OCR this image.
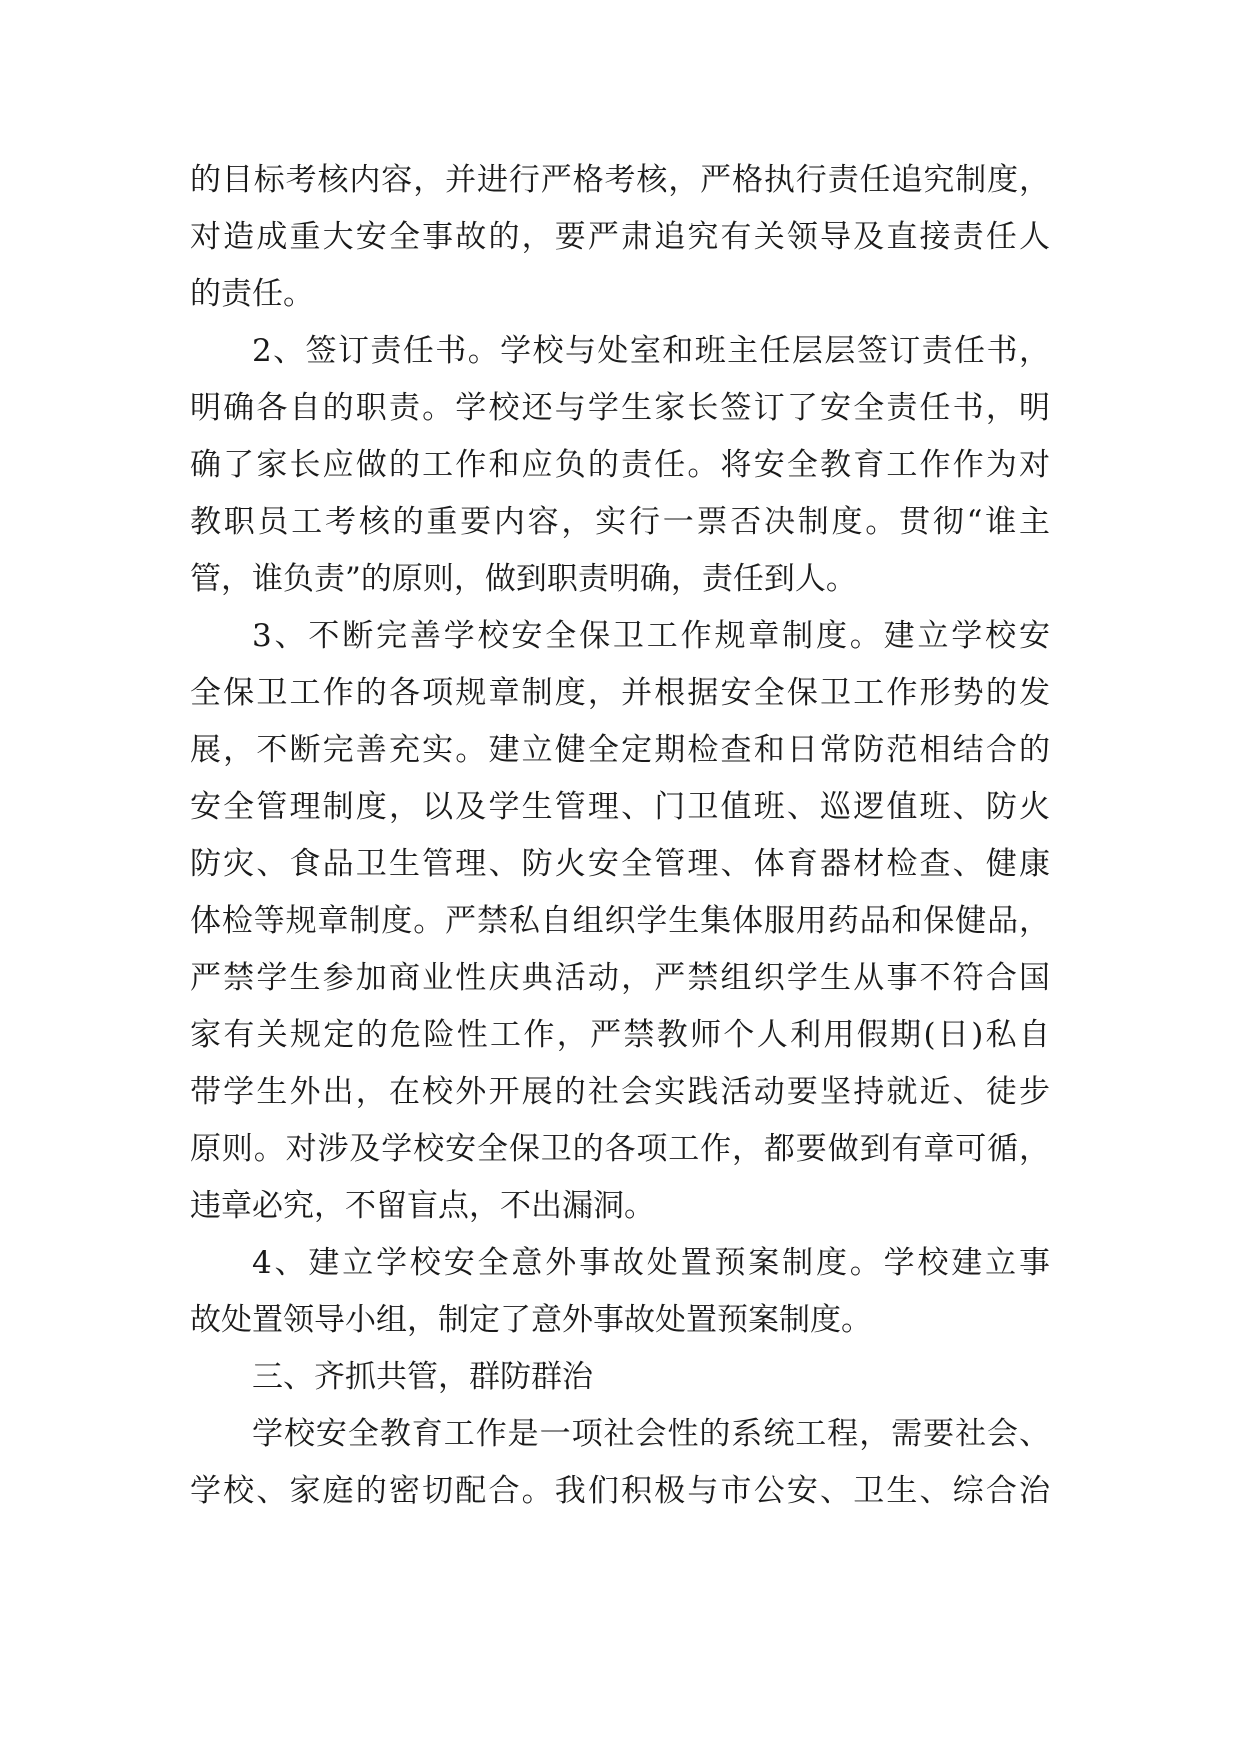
的目标考核内容，并进行严格考核，严格执行责任追究制度，
对造成重大安全事故的，要严肃追究有关领导及直接责任人
的责任。
2、签订责任书。学校与处室和班主任层层签订责任书，
明确各自的职责。学校还与学生家长签订了安全责任书，明
确了家长应做的工作和应负的责任。将安全教育工作作为对
教职员工考核的重要内容，实行一票否决制度。贯彻“谁主
管，谁负责”的原则，做到职责明确，责任到人。
3、不断完善学校安全保卫工作规章制度。建立学校安
全保卫工作的各项规章制度，并根据安全保卫工作形势的发
展，不断完善充实。建立健全定期检查和日常防范相结合的
安全管理制度，以及学生管理、门卫值班、巡逻值班、防火
防灾、食品卫生管理、防火安全管理、体育器材检查、健康
体检等规章制度。严禁私自组织学生集体服用药品和保健品，
严禁学生参加商业性庆典活动，严禁组织学生从事不符合国
家有关规定的危险性工作，严禁教师个人利用假期(日)私自
带学生外出，在校外开展的社会实践活动要坚持就近、徒步
原则。对涉及学校安全保卫的各项工作，都要做到有章可循，
违章必究，不留盲点，不出漏洞。
4、建立学校安全意外事故处置预案制度。学校建立事
故处置领导小组，制定了意外事故处置预案制度。
三、齐抓共管，群防群治
学校安全教育工作是一项社会性的系统工程，需要社会、
学校、家庭的密切配合。我们积极与市公安、卫生、综合治
